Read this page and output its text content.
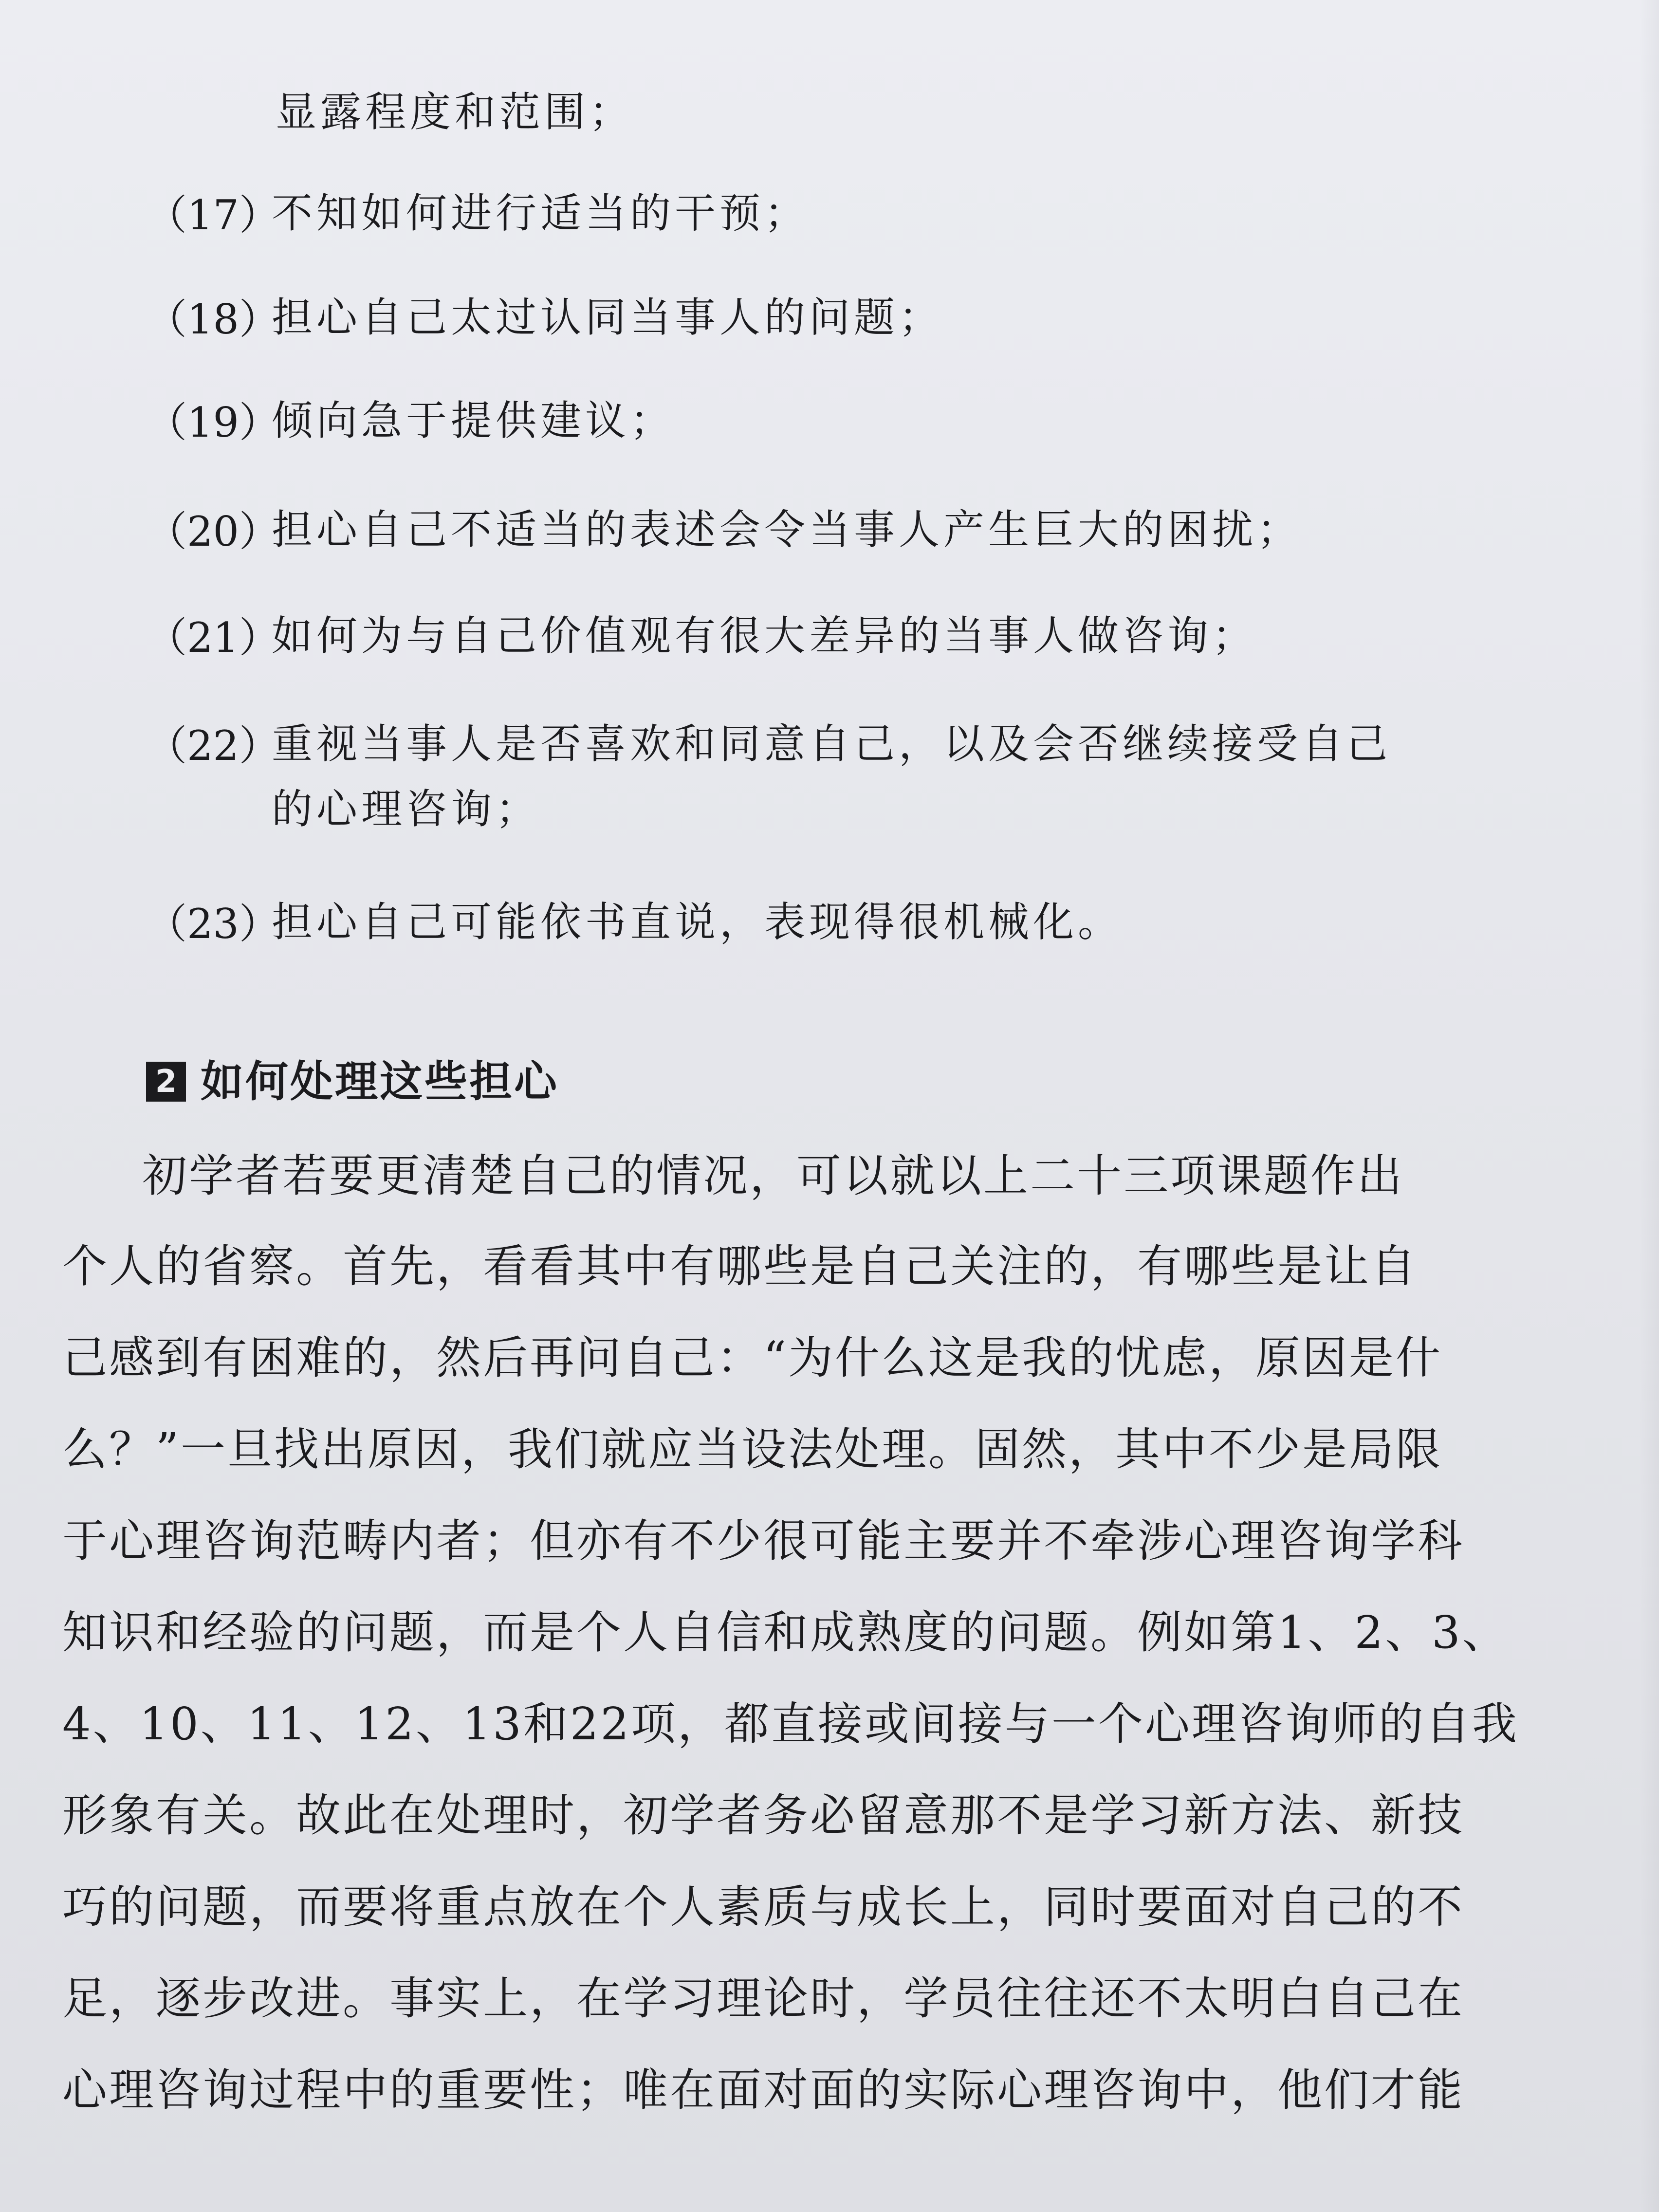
显露程度和范围；
（17）
不知如何进行适当的干预；
（18）
担心自己太过认同当事人的问题；
（19）
倾向急于提供建议；
（20）
担心自己不适当的表述会令当事人产生巨大的困扰；
（21）
如何为与自己价值观有很大差异的当事人做咨询；
（22）
重视当事人是否喜欢和同意自己，以及会否继续接受自己
的心理咨询；
（23）
担心自己可能依书直说，表现得很机械化。
2 如何处理这些担心
初学者若要更清楚自己的情况，可以就以上二十三项课题作出
个人的省察。首先，看看其中有哪些是自己关注的，有哪些是让自
己感到有困难的，然后再问自己：“为什么这是我的忧虑，原因是什
么？”一旦找出原因，我们就应当设法处理。固然，其中不少是局限
于心理咨询范畴内者；但亦有不少很可能主要并不牵涉心理咨询学科
知识和经验的问题，而是个人自信和成熟度的问题。例如第1、2、3、
4、10、11、12、13和22项，都直接或间接与一个心理咨询师的自我
形象有关。故此在处理时，初学者务必留意那不是学习新方法、新技
巧的问题，而要将重点放在个人素质与成长上，同时要面对自己的不
足，逐步改进。事实上，在学习理论时，学员往往还不太明白自己在
心理咨询过程中的重要性；唯在面对面的实际心理咨询中，他们才能
